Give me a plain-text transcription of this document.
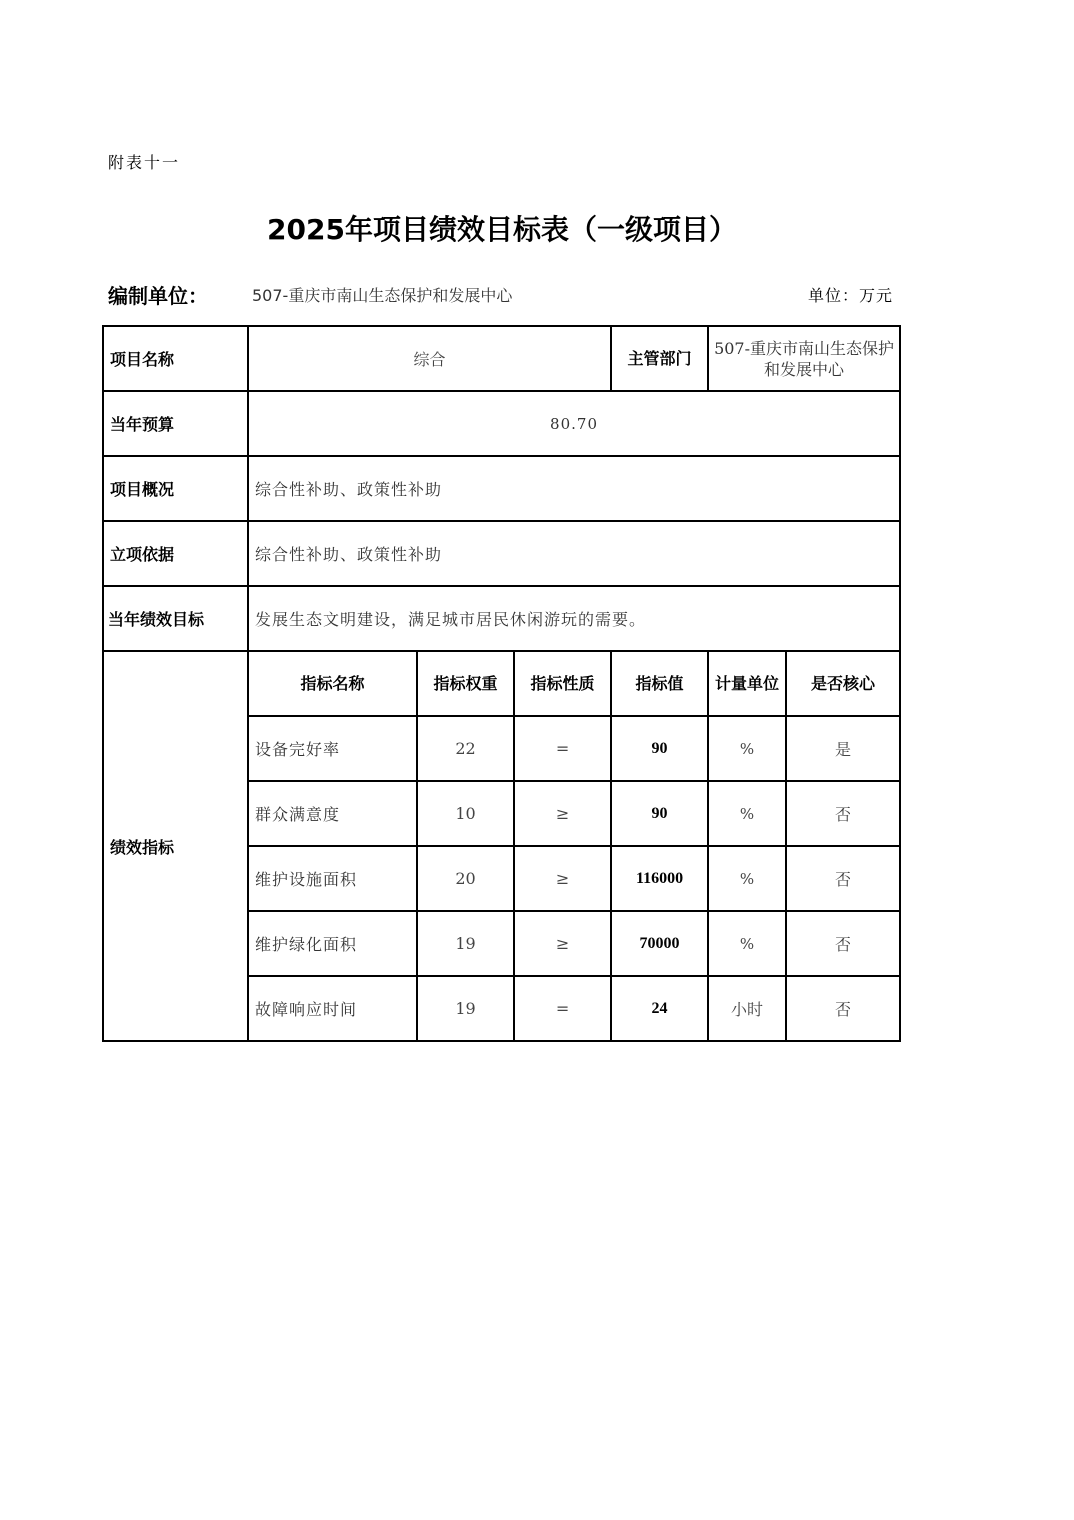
附表十一
2025年项目绩效目标表（一级项目）
编制单位：	507-重庆市南山生态保护和发展中心	单位：万元
项目名称	综合			主管部门	507-重庆市南山生态保护和发展中心	
当年预算	80.70					
项目概况	综合性补助、政策性补助					
立项依据	综合性补助、政策性补助					
当年绩效目标	发展生态文明建设，满足城市居民休闲游玩的需要。					
绩效指标	指标名称	指标权重	指标性质	指标值	计量单位	是否核心
	设备完好率	22	=	90	%	是
	群众满意度	10	≥	90	%	否
	维护设施面积	20	≥	116000	%	否
	维护绿化面积	19	≥	70000	%	否
	故障响应时间	19	=	24	小时	否
